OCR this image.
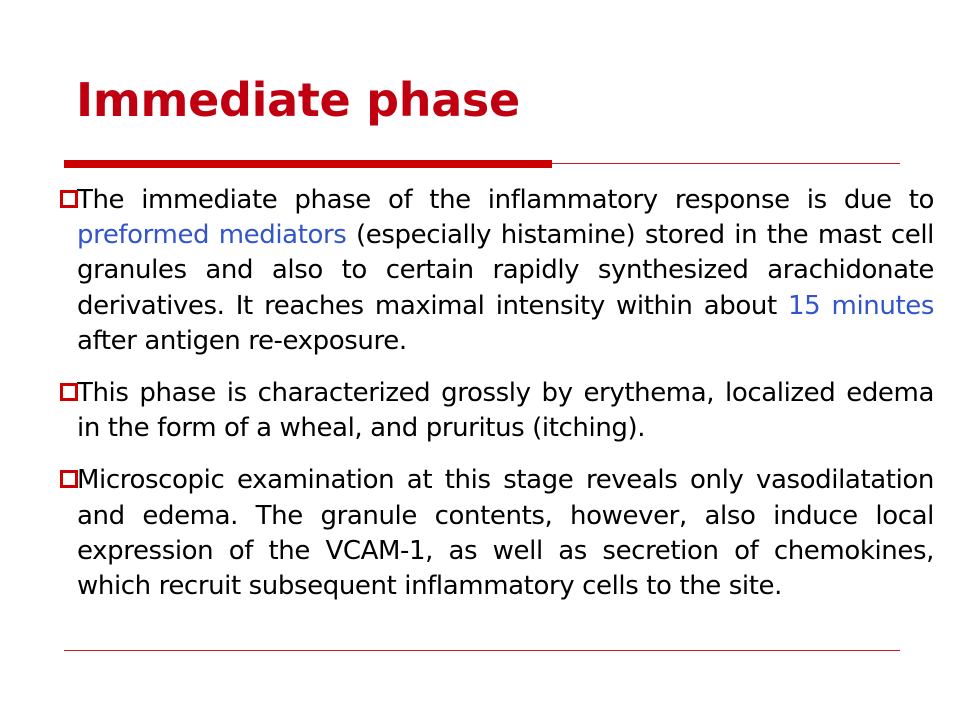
Immediate phase
The immediate phase of the inflammatory response is due to preformed mediators (especially histamine) stored in the mast cell granules and also to certain rapidly synthesized arachidonate derivatives. It reaches maximal intensity within about 15 minutes after antigen re-exposure.
This phase is characterized grossly by erythema, localized edema in the form of a wheal, and pruritus (itching).
Microscopic examination at this stage reveals only vasodilatation and edema. The granule contents, however, also induce local expression of the VCAM-1, as well as secretion of chemokines, which recruit subsequent inflammatory cells to the site.
